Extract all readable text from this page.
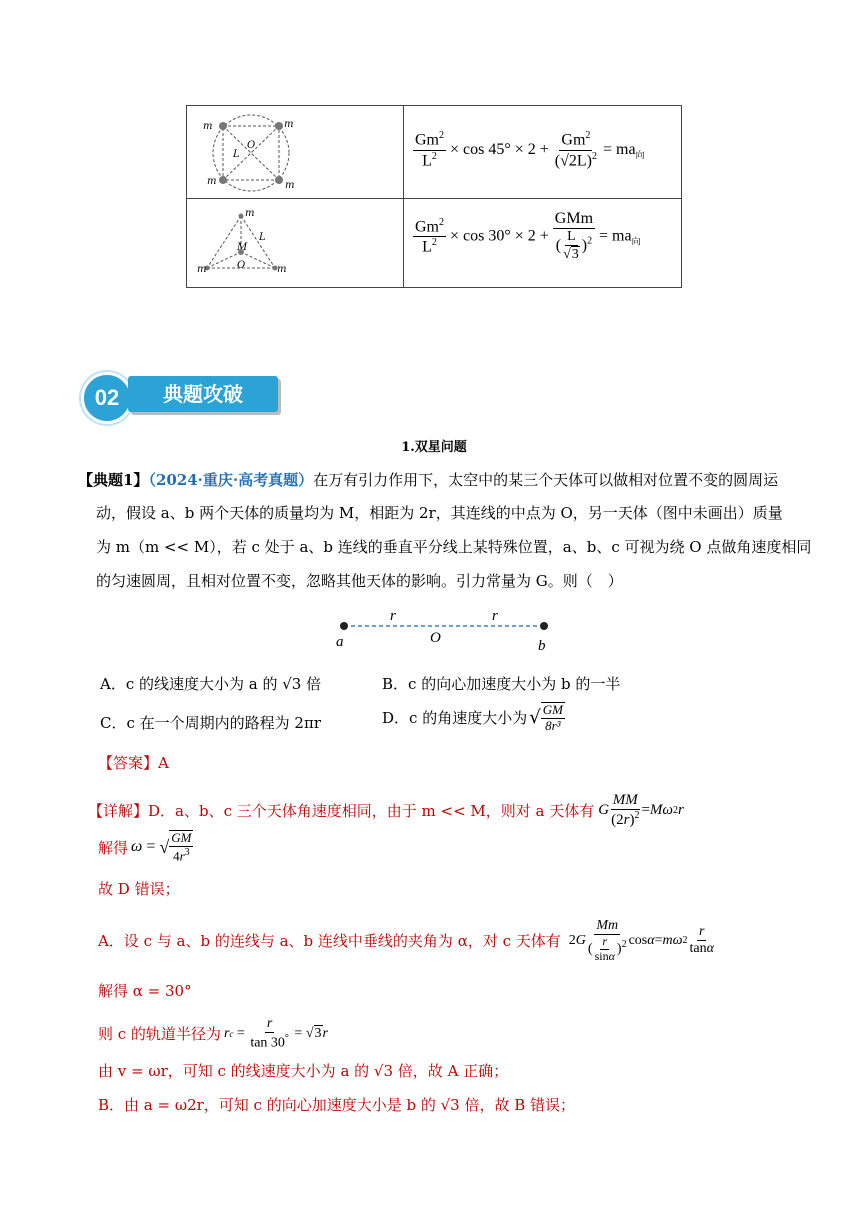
m	m
m	m
O
L	$\frac{Gm^2}{L^2} \times \cos 45^\circ \times 2 + \frac{Gm^2}{(√2L)^2} = ma_向$
m
m	m
M
O
L	$\frac{Gm^2}{L^2} \times \cos 30^\circ \times 2 + \frac{\text{GMm}}{( \frac{L}{√3} )^2} = ma_向$
02	典题攻破
1.双星问题
【典题1】（2024·重庆·高考真题）在万有引力作用下，太空中的某三个天体可以做相对位置不变的圆周运
动，假设 a、b 两个天体的质量均为 M，相距为 2r，其连线的中点为 O，另一天体（图中未画出）质量
为 m（m << M），若 c 处于 a、b 连线的垂直平分线上某特殊位置，a、b、c 可视为绕 O 点做角速度相同
的匀速圆周，且相对位置不变，忽略其他天体的影响。引力常量为 G。则（　）
r	r
a	O	b
A．c 的线速度大小为 a 的 √3 倍	B．c 的向心加速度大小为 b 的一半
C．c 在一个周期内的路程为 2πr	D．c 的角速度大小为 √ $\frac{GM}{\text{8r³}}$
【答案】A
【详解】 D．a、b、c 三个天体角速度相同，由于 m << M，则对 a 天体有 G $\frac{MM}{(2r)^2} = M\omega$ 2 r
解得 ω = √ $\frac{GM}{4r^3}$
故 D 错误；
A．设 c 与 a、b 的连线与 a、b 连线中垂线的夹角为 α，对 c 天体有 2 G $\frac{Mm}{( \frac{r}{\sin\alpha} )^2}$ cos α = mω $2 \frac{r}{\tan\alpha}$
解得 α = 30°
则 c 的轨道半径为 r $c = \frac{r}{\tan 30^\circ}$ = √ 3 r
由 v = ωr，可知 c 的线速度大小为 a 的 √3 倍，故 A 正确；
B．由 a = ω2r，可知 c 的向心加速度大小是 b 的 √3 倍，故 B 错误；
